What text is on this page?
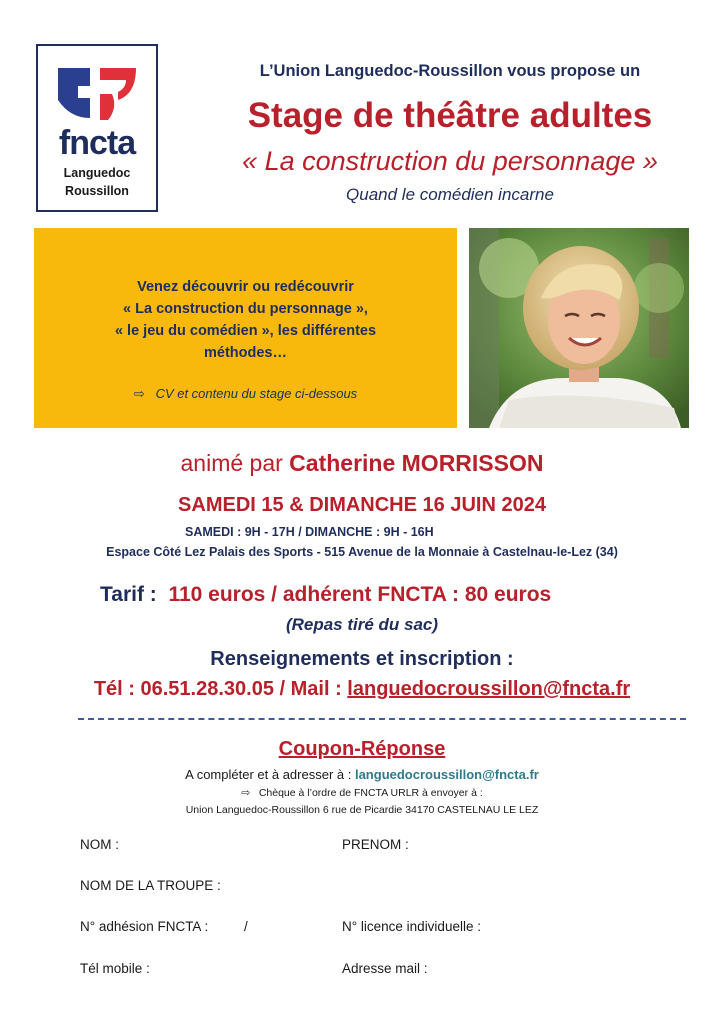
fncta
Languedoc
Roussillon
L’Union Languedoc-Roussillon vous propose un
Stage de théâtre adultes
« La construction du personnage »
Quand le comédien incarne
Venez découvrir ou redécouvrir
« La construction du personnage »,
« le jeu du comédien », les différentes
méthodes…
⇨ CV et contenu du stage ci-dessous
animé par Catherine MORRISSON
SAMEDI 15 & DIMANCHE 16 JUIN 2024
SAMEDI : 9H - 17H / DIMANCHE : 9H - 16H
Espace Côté Lez Palais des Sports - 515 Avenue de la Monnaie à Castelnau-le-Lez (34)
Tarif : 110 euros / adhérent FNCTA : 80 euros
(Repas tiré du sac)
Renseignements et inscription :
Tél : 06.51.28.30.05 / Mail : languedocroussillon@fncta.fr
Coupon-Réponse
A compléter et à adresser à : languedocroussillon@fncta.fr
⇨ Chèque à l’ordre de FNCTA URLR à envoyer à :
Union Languedoc-Roussillon 6 rue de Picardie 34170 CASTELNAU LE LEZ
NOM :	PRENOM :
NOM DE LA TROUPE :
N° adhésion FNCTA :	/	N° licence individuelle :
Tél mobile :	Adresse mail :
